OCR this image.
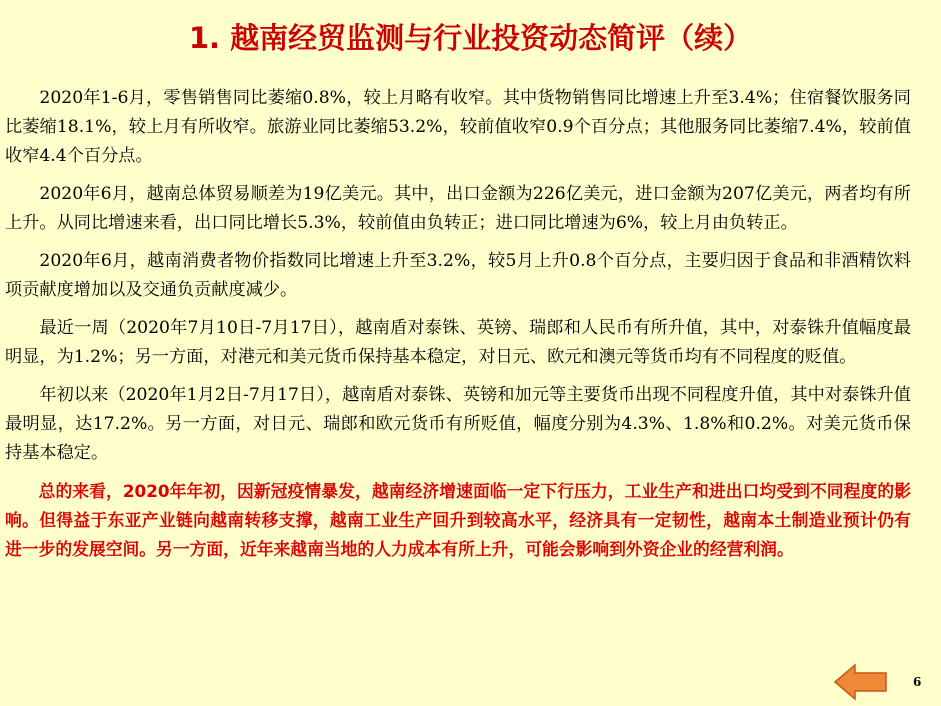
1. 越南经贸监测与行业投资动态简评（续）

2020年1-6月，零售销售同比萎缩0.8%，较上月略有收窄。其中货物销售同比增速上升至3.4%；住宿餐饮服务同比萎缩18.1%，较上月有所收窄。旅游业同比萎缩53.2%，较前值收窄0.9个百分点；其他服务同比萎缩7.4%，较前值收窄4.4个百分点。

2020年6月，越南总体贸易顺差为19亿美元。其中，出口金额为226亿美元，进口金额为207亿美元，两者均有所上升。从同比增速来看，出口同比增长5.3%，较前值由负转正；进口同比增速为6%，较上月由负转正。

2020年6月，越南消费者物价指数同比增速上升至3.2%，较5月上升0.8个百分点，主要归因于食品和非酒精饮料项贡献度增加以及交通负贡献度减少。

最近一周（2020年7月10日-7月17日），越南盾对泰铢、英镑、瑞郎和人民币有所升值，其中，对泰铢升值幅度最明显，为1.2%；另一方面，对港元和美元货币保持基本稳定，对日元、欧元和澳元等货币均有不同程度的贬值。

年初以来（2020年1月2日-7月17日），越南盾对泰铢、英镑和加元等主要货币出现不同程度升值，其中对泰铢升值最明显，达17.2%。另一方面，对日元、瑞郎和欧元货币有所贬值，幅度分别为4.3%、1.8%和0.2%。对美元货币保持基本稳定。

总的来看，2020年年初，因新冠疫情暴发，越南经济增速面临一定下行压力，工业生产和进出口均受到不同程度的影响。但得益于东亚产业链向越南转移支撑，越南工业生产回升到较高水平，经济具有一定韧性，越南本土制造业预计仍有进一步的发展空间。另一方面，近年来越南当地的人力成本有所上升，可能会影响到外资企业的经营利润。

6
